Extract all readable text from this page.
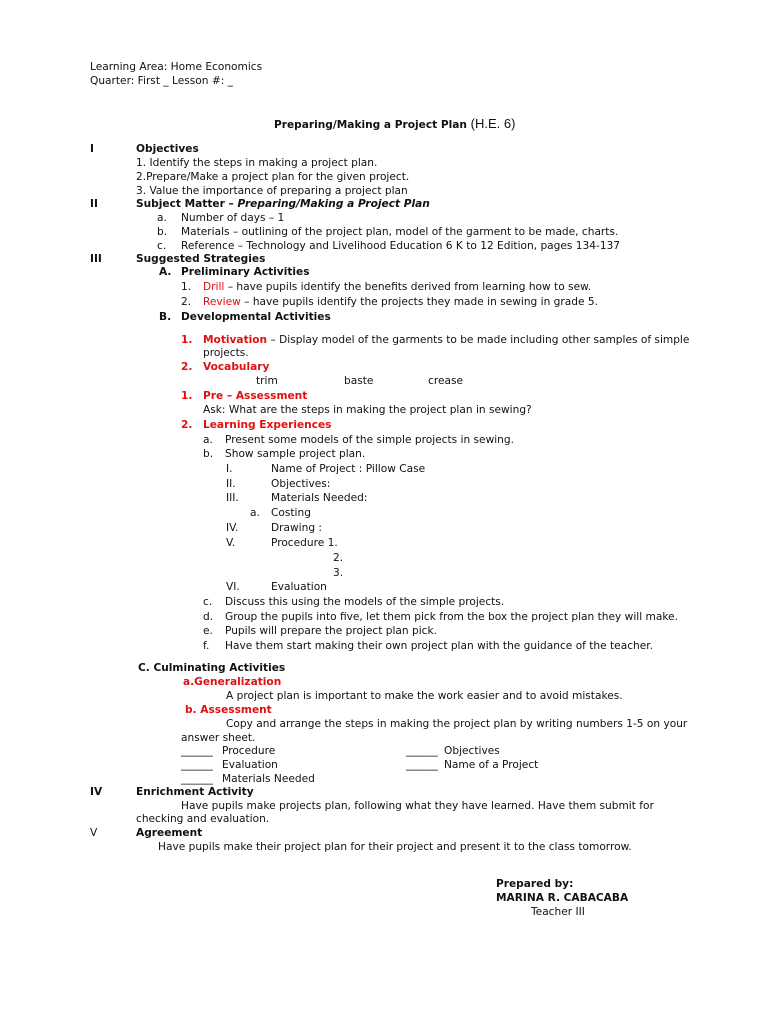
Learning Area: Home Economics
Quarter: First _ Lesson #: _
Preparing/Making a Project Plan (H.E. 6)
I	Objectives
1. Identify the steps in making a project plan.
2.Prepare/Make a project plan for the given project.
3. Value the importance of preparing a project plan
II	Subject Matter – Preparing/Making a Project Plan
a. Number of days – 1
b. Materials – outlining of the project plan, model of the garment to be made, charts.
c. Reference – Technology and Livelihood Education 6 K to 12 Edition, pages 134-137
III	Suggested Strategies
A. Preliminary Activities
1. Drill – have pupils identify the benefits derived from learning how to sew.
2. Review – have pupils identify the projects they made in sewing in grade 5.
B. Developmental Activities
1. Motivation – Display model of the garments to be made including other samples of simple
projects.
2. Vocabulary
trim	baste	crease
1. Pre – Assessment
Ask: What are the steps in making the project plan in sewing?
2. Learning Experiences
a. Present some models of the simple projects in sewing.
b. Show sample project plan.
I.	Name of Project : Pillow Case
II.	Objectives:
III.	Materials Needed:
a. Costing
IV.	Drawing :
V.	Procedure 1.
2.
3.
VI.	Evaluation
c. Discuss this using the models of the simple projects.
d. Group the pupils into five, let them pick from the box the project plan they will make.
e. Pupils will prepare the project plan pick.
f. Have them start making their own project plan with the guidance of the teacher.
C. Culminating Activities
a.Generalization
A project plan is important to make the work easier and to avoid mistakes.
b. Assessment
Copy and arrange the steps in making the project plan by writing numbers 1-5 on your
answer sheet.
______ Procedure	______ Objectives
______ Evaluation	______ Name of a Project
______ Materials Needed
IV	Enrichment Activity
Have pupils make projects plan, following what they have learned. Have them submit for
checking and evaluation.
V	Agreement
Have pupils make their project plan for their project and present it to the class tomorrow.
Prepared by:
MARINA R. CABACABA
Teacher III
